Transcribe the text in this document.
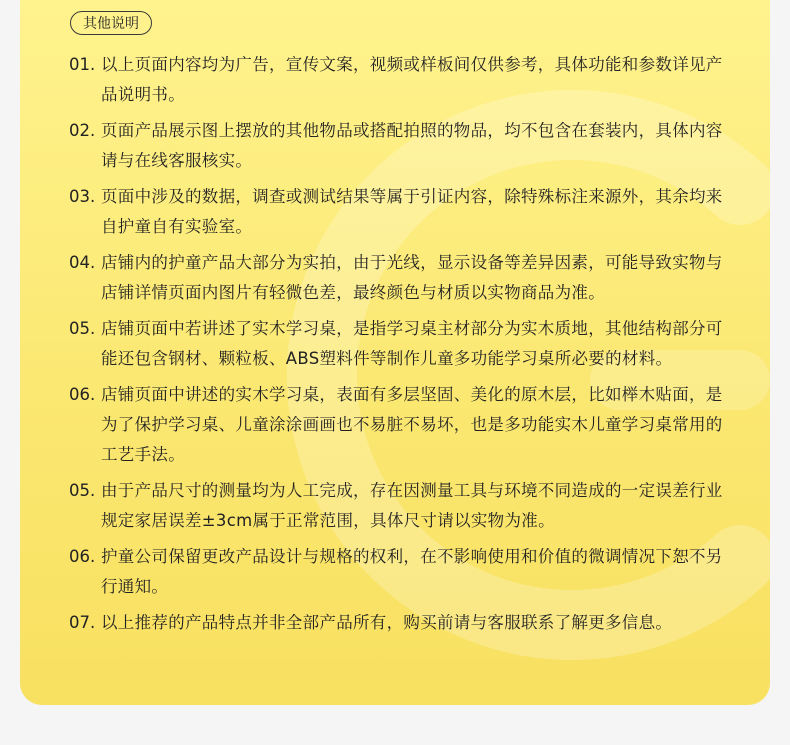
其他说明
01. 以上页面内容均为广告，宣传文案，视频或样板间仅供参考，具体功能和参数详见产品说明书。
02. 页面产品展示图上摆放的其他物品或搭配拍照的物品，均不包含在套装内，具体内容请与在线客服核实。
03. 页面中涉及的数据，调查或测试结果等属于引证内容，除特殊标注来源外，其余均来自护童自有实验室。
04. 店铺内的护童产品大部分为实拍，由于光线，显示设备等差异因素，可能导致实物与店铺详情页面内图片有轻微色差，最终颜色与材质以实物商品为准。
05. 店铺页面中若讲述了实木学习桌，是指学习桌主材部分为实木质地，其他结构部分可能还包含钢材、颗粒板、ABS塑料件等制作儿童多功能学习桌所必要的材料。
06. 店铺页面中讲述的实木学习桌，表面有多层坚固、美化的原木层，比如榉木贴面，是为了保护学习桌、儿童涂涂画画也不易脏不易坏，也是多功能实木儿童学习桌常用的工艺手法。
05. 由于产品尺寸的测量均为人工完成，存在因测量工具与环境不同造成的一定误差行业规定家居误差±3cm属于正常范围，具体尺寸请以实物为准。
06. 护童公司保留更改产品设计与规格的权利，在不影响使用和价值的微调情况下恕不另行通知。
07. 以上推荐的产品特点并非全部产品所有，购买前请与客服联系了解更多信息。
